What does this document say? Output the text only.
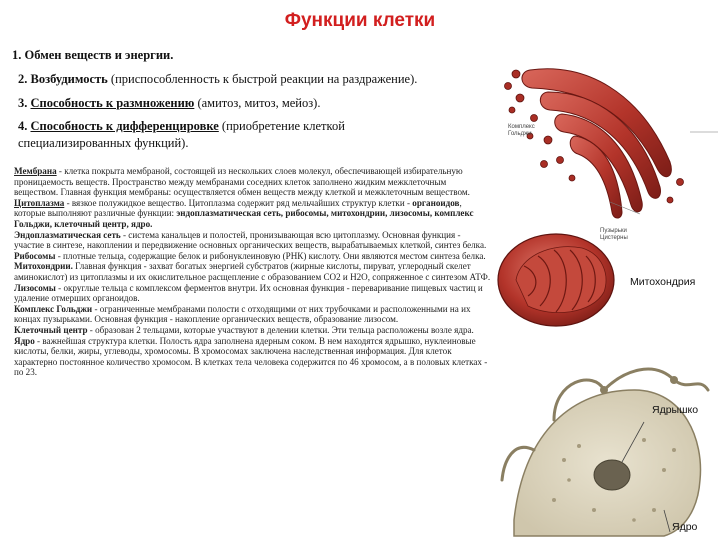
Функции клетки
1. Обмен веществ и энергии.
2. Возбудимость (приспособленность к быстрой реакции на раздражение).
3. Способность к размножению (амитоз, митоз, мейоз).
4. Способность к дифференцировке (приобретение клеткой специализированных функций).

Мембрана - клетка покрыта мембраной, состоящей из нескольких слоев молекул, обеспечивающей избирательную проницаемость веществ. Пространство между мембранами соседних клеток заполнено жидким межклеточным веществом. Главная функция мембраны: осуществляется обмен веществ между клеткой и межклеточным веществом.

Цитоплазма - вязкое полужидкое вещество. Цитоплазма содержит ряд мельчайших структур клетки - органоидов, которые выполняют различные функции: эндоплазматическая сеть, рибосомы, митохондрии, лизосомы, комплекс Гольджи, клеточный центр, ядро.

Эндоплазматическая сеть - система канальцев и полостей, пронизывающая всю цитоплазму. Основная функция - участие в синтезе, накоплении и передвижение основных органических веществ, вырабатываемых клеткой, синтез белка.

Рибосомы - плотные тельца, содержащие белок и рибонуклеиновую (РНК) кислоту. Они являются местом синтеза белка.

Митохондрии. Главная функция - захват богатых энергией субстратов (жирные кислоты, пируват, углеродный скелет аминокислот) из цитоплазмы и их окислительное расщепление с образованием CO2 и H2O, сопряженное с синтезом АТФ.

Лизосомы - округлые тельца с комплексом ферментов внутри. Их основная функция - переваривание пищевых частиц и удаление отмерших органоидов.

Комплекс Гольджи - ограниченные мембранами полости с отходящими от них трубочками и расположенными на их концах пузырьками. Основная функция - накопление органических веществ, образование лизосом.

Клеточный центр - образован 2 тельцами, которые участвуют в делении клетки. Эти тельца расположены возле ядра.

Ядро - важнейшая структура клетки. Полость ядра заполнена ядерным соком. В нем находятся ядрышко, нуклеиновые кислоты, белки, жиры, углеводы, хромосомы. В хромосомах заключена наследственная информация. Для клеток характерно постоянное количество хромосом. В клетках тела человека содержится по 46 хромосом, а в половых клетках - по 23.

Комплекс
Гольджи
Пузырьки
Цистерны
Митохондрия
Ядрышко
Ядро
